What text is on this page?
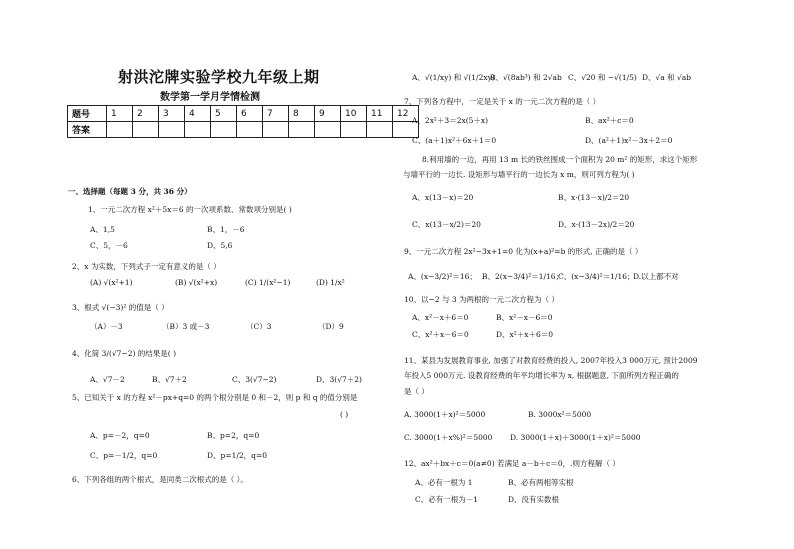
射洪沱牌实验学校九年级上期
数学第一学月学情检测
题号	1	2	3	4	5	6	7	8	9	10	11	12
答案												
一、选择题（每题 3 分，共 36 分）
1、一元二次方程 x²＋5x＝6 的一次项系数、常数项分别是( )
A、1,5	B、1，－6
C、5，－6	D、5,6
2、x 为实数，下列式子一定有意义的是（ ）
(A) √(x²+1)	(B) √(x²+x)	(C) 1/(x²−1)	(D) 1/x²
3、根式 √(−3)² 的值是（ ）
（A）－3	（B）3 或－3	（C）3	（D）9
4、化简 3/(√7−2) 的结果是( )
A、√7－2	B、√7＋2	C、3(√7−2)	D、3(√7＋2)
5、已知关于 x 的方程 x²－px+q=0 的两个根分别是 0 和－2，则 p 和 q 的值分别是
( )
A、p=－2，q=0	B、p=2，q=0
C、p=－1/2，q=0	D、p=1/2，q=0
6、下列各组的两个根式，是同类二次根式的是（ ）。
A、√(1/xy) 和 √(1/2xy)
B、√(8ab³) 和 2√ab C、√20 和 −√(1/5) D、√a 和 √ab
7、下列各方程中，一定是关于 x 的一元二次方程的是（ ）
A、2x²＋3＝2x(5＋x)	B、ax²＋c＝0
C、(a＋1)x²＋6x＋1＝0	D、(a²＋1)x²－3x＋2＝0
8.利用墙的一边，再用 13 m 长的铁丝围成一个面积为 20 m² 的矩形，求这个矩形
与墙平行的一边长. 设矩形与墙平行的一边长为 x m，则可列方程为( )
A、x(13－x)＝20	B、x·(13－x)/2＝20
C、x(13－x/2)＝20	D、x·(13－2x)/2＝20
9、一元二次方程 2x²−3x+1=0 化为(x+a)²=b 的形式, 正确的是（ ）
A、(x−3/2)²＝16； B、2(x−3/4)²＝1/16；
C、(x−3/4)²＝1/16；
D.以上都不对
10、以−2 与 3 为两根的一元二次方程为（ ）
A、x²－x＋6＝0	B、x²－x－6＝0
C、x²＋x－6＝0	D、x²＋x＋6＝0
11、某县为发展教育事业, 加强了对教育经费的投入, 2007年投入3 000万元, 预计2009
年投入5 000万元. 设教育经费的年平均增长率为 x, 根据题意, 下面所列方程正确的
是（ ）
A. 3000(1＋x)²＝5000	B. 3000x²＝5000
C. 3000(1＋x%)²＝5000 D. 3000(1＋x)＋3000(1＋x)²＝5000
12、ax²＋bx＋c＝0(a≠0) 若满足 a－b＋c＝0，.则方程解（ ）
A、必有一根为 1	B、必有两相等实根
C、必有一根为－1	D、没有实数根
